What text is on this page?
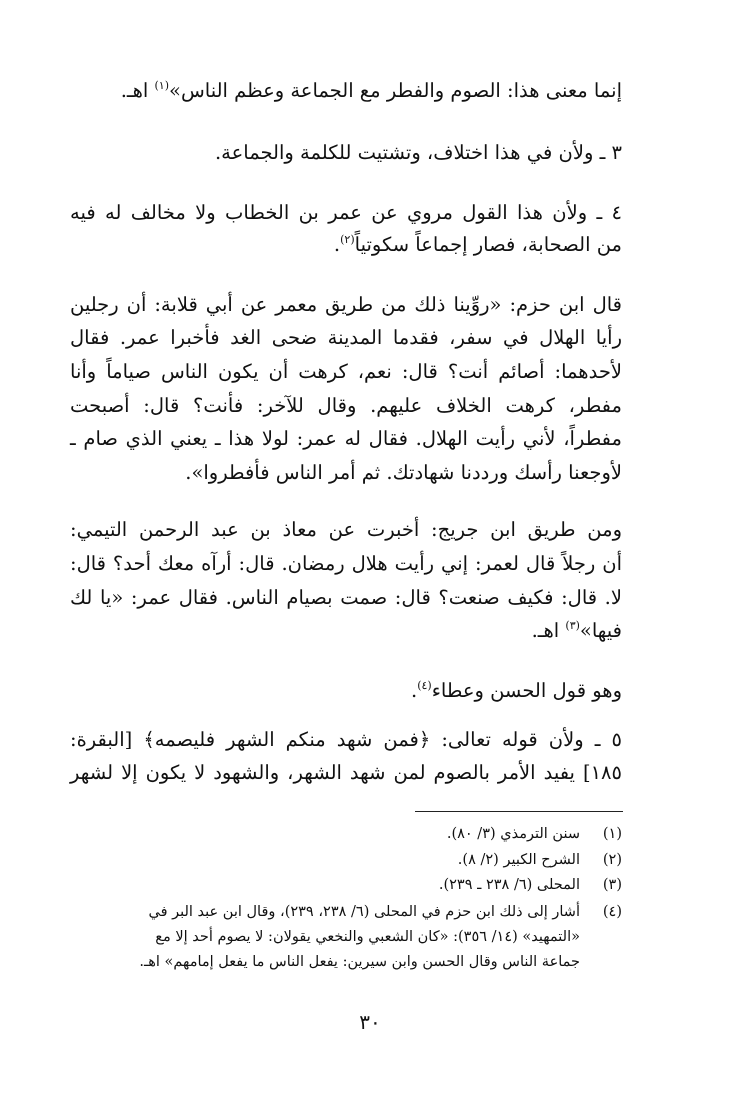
إنما معنى هذا: الصوم والفطر مع الجماعة وعظم الناس»$^{(١)}$ اهـ.
٣ ـ ولأن في هذا اختلاف، وتشتيت للكلمة والجماعة.
٤ ـ ولأن هذا القول مروي عن عمر بن الخطاب ولا مخالف له فيه
من الصحابة، فصار إجماعاً سكوتياً$^{(٢)}$.
قال ابن حزم: «روِّينا ذلك من طريق معمر عن أبي قلابة: أن رجلين
رأيا الهلال في سفر، فقدما المدينة ضحى الغد فأخبرا عمر. فقال
لأحدهما: أصائم أنت؟ قال: نعم، كرهت أن يكون الناس صياماً وأنا
مفطر، كرهت الخلاف عليهم. وقال للآخر: فأنت؟ قال: أصبحت
مفطراً، لأني رأيت الهلال. فقال له عمر: لولا هذا ـ يعني الذي صام ـ
لأوجعنا رأسك ورددنا شهادتك. ثم أمر الناس فأفطروا».
ومن طريق ابن جريج: أخبرت عن معاذ بن عبد الرحمن التيمي:
أن رجلاً قال لعمر: إني رأيت هلال رمضان. قال: أرآه معك أحد؟ قال:
لا. قال: فكيف صنعت؟ قال: صمت بصيام الناس. فقال عمر: «يا لك
فيها»$^{(٣)}$ اهـ.
وهو قول الحسن وعطاء$^{(٤)}$.
٥ ـ ولأن قوله تعالى: ﴿فمن شهد منكم الشهر فليصمه﴾ [البقرة:
١٨٥] يفيد الأمر بالصوم لمن شهد الشهر، والشهود لا يكون إلا لشهر
(١)سنن الترمذي (٣/ ٨٠).
(٢)الشرح الكبير (٢/ ٨).
(٣)المحلى (٦/ ٢٣٨ ـ ٢٣٩).
(٤)أشار إلى ذلك ابن حزم في المحلى (٦/ ٢٣٨، ٢٣٩)، وقال ابن عبد البر في
«التمهيد» (١٤/ ٣٥٦): «كان الشعبي والنخعي يقولان: لا يصوم أحد إلا مع
جماعة الناس وقال الحسن وابن سيرين: يفعل الناس ما يفعل إمامهم» اهـ.
٣٠
